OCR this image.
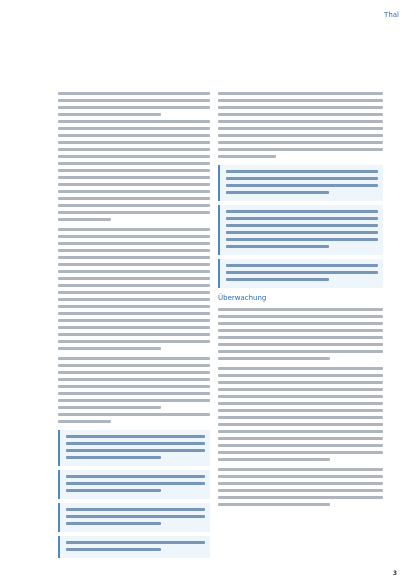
Thal
Überwachung
3
